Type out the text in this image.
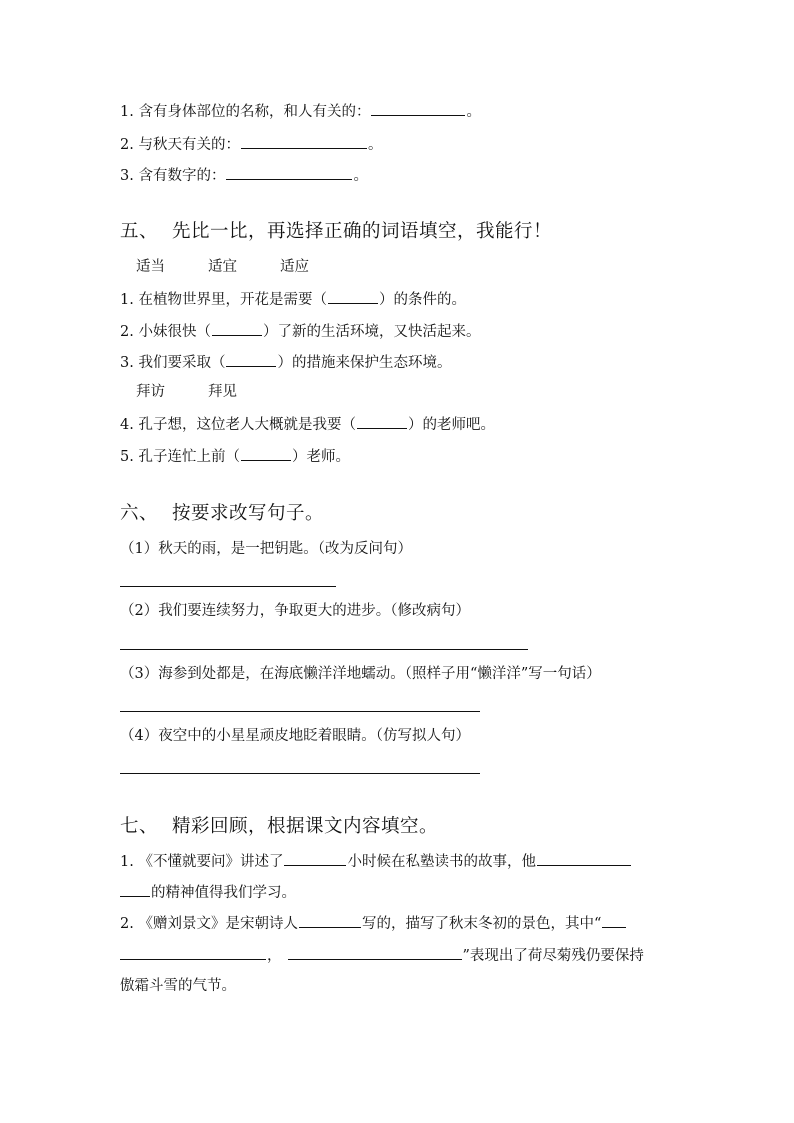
1. 含有身体部位的名称，和人有关的：	。
2. 与秋天有关的：	。
3. 含有数字的：	。
五、 先比一比，再选择正确的词语填空，我能行！
适当	适宜	适应
1. 在植物世界里，开花是需要（	）的条件的。
2. 小妹很快（	）了新的生活环境，又快活起来。
3. 我们要采取（	）的措施来保护生态环境。
拜访	拜见
4. 孔子想，这位老人大概就是我要（	）的老师吧。
5. 孔子连忙上前（	）老师。
六、 按要求改写句子。
（1）秋天的雨，是一把钥匙。（改为反问句）
（2）我们要连续努力，争取更大的进步。（修改病句）
（3）海参到处都是，在海底懒洋洋地蠕动。（照样子用“懒洋洋”写一句话）
（4）夜空中的小星星顽皮地眨着眼睛。（仿写拟人句）
七、 精彩回顾，根据课文内容填空。
1. 《不懂就要问》讲述了	小时候在私塾读书的故事，他
的精神值得我们学习。
2. 《赠刘景文》是宋朝诗人	写的，描写了秋末冬初的景色，其中“
，	”表现出了荷尽菊残仍要保持
傲霜斗雪的气节。
